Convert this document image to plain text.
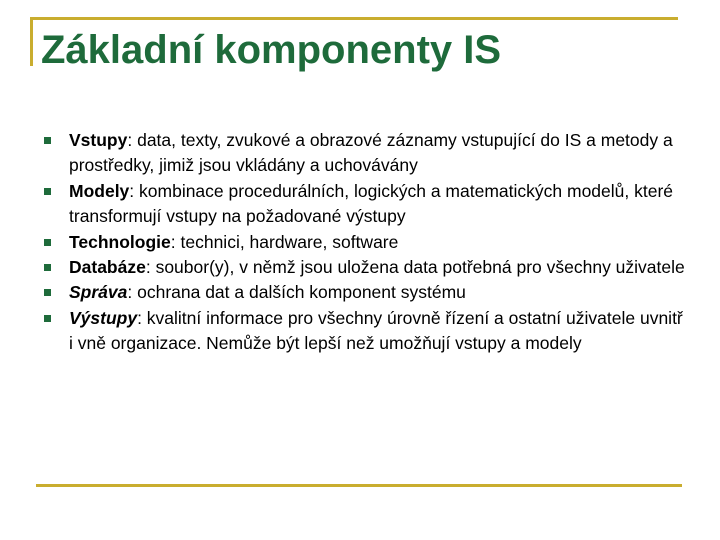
Základní komponenty IS
Vstupy: data, texty, zvukové a obrazové záznamy vstupující do IS a metody a prostředky, jimiž jsou vkládány a uchovávány
Modely: kombinace procedurálních, logických a matematických modelů, které transformují vstupy na požadované výstupy
Technologie: technici, hardware, software
Databáze: soubor(y), v němž jsou uložena data potřebná pro všechny uživatele
Správa: ochrana dat a dalších komponent systému
Výstupy: kvalitní informace pro všechny úrovně řízení a ostatní uživatele uvnitř i vně organizace. Nemůže být lepší než umožňují vstupy a modely
